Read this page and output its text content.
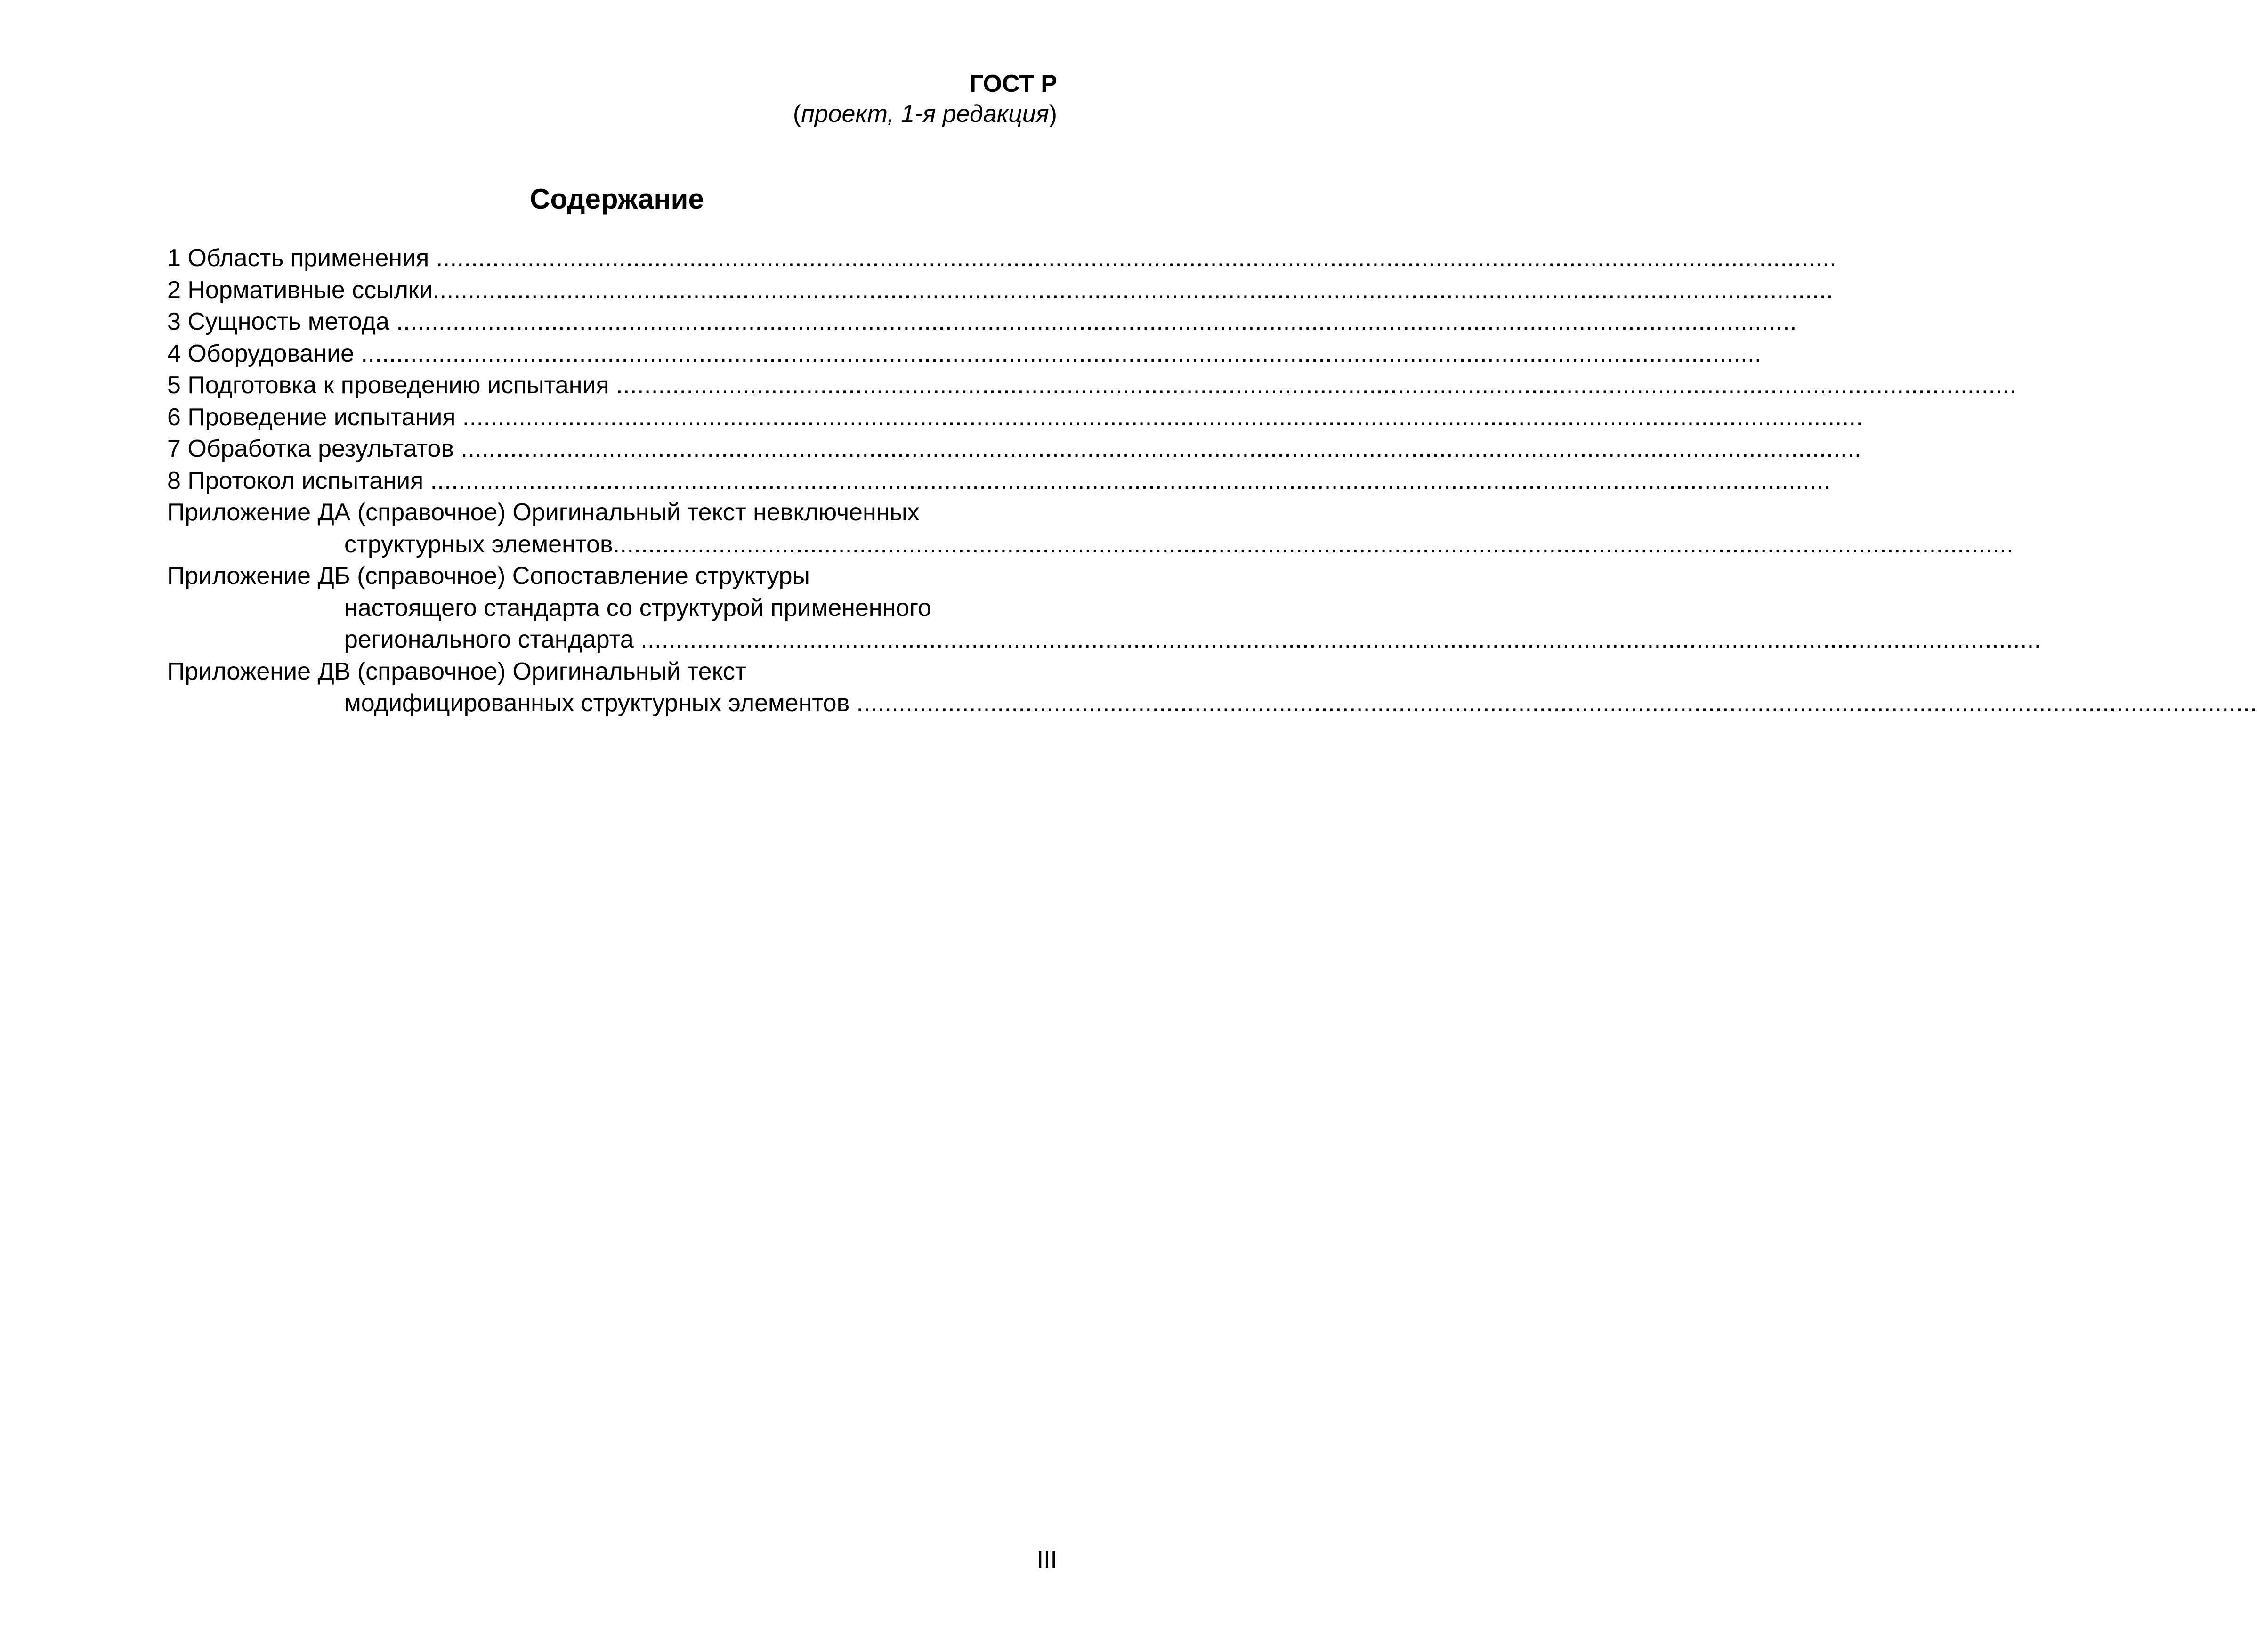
ГОСТ Р
(проект, 1-я редакция)
Содержание
1 Область применения .......................................................................................................................................................................................................
2 Нормативные ссылки.......................................................................................................................................................................................................
3 Сущность метода .......................................................................................................................................................................................................
4 Оборудование .......................................................................................................................................................................................................
5 Подготовка к проведению испытания .......................................................................................................................................................................................................
6 Проведение испытания .......................................................................................................................................................................................................
7 Обработка результатов .......................................................................................................................................................................................................
8 Протокол испытания .......................................................................................................................................................................................................
Приложение ДА (справочное) Оригинальный текст невключенных
структурных элементов.......................................................................................................................................................................................................
Приложение ДБ (справочное) Сопоставление структуры
настоящего стандарта со структурой примененного
регионального стандарта .......................................................................................................................................................................................................
Приложение ДВ (справочное) Оригинальный текст
модифицированных структурных элементов .......................................................................................................................................................................................................
III
